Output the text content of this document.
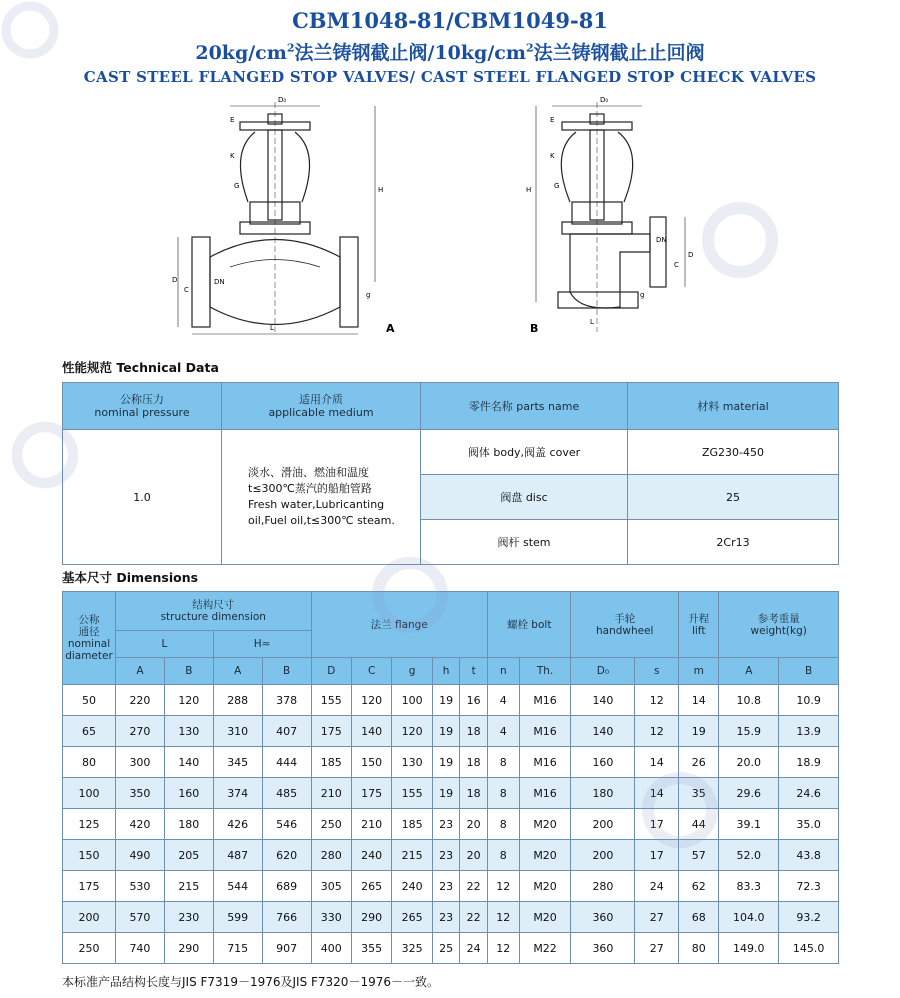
CBM1048-81/CBM1049-81
$20kg/cm^2$法兰铸钢截止阀$/10kg/cm^2$法兰铸钢截止止回阀
CAST STEEL FLANGED STOP VALVES/ CAST STEEL FLANGED STOP CHECK VALVES
A
D₀
H
L
E
K
G
D
C
DN
g
B
D₀
H
L
E
K
G
D
C
DN
g
性能规范 Technical Data
公称压力
nominal pressure	适用介质
applicable medium	零件名称 parts name	材料 material
1.0	淡水、滑油、燃油和温度
t≤300℃蒸汽的船舶管路
Fresh water,Lubricanting
oil,Fuel oil,t≤300℃ steam.	阀体 body,阀盖 cover	ZG230-450
		阀盘 disc	25
		阀杆 stem	2Cr13
基本尺寸 Dimensions
公称
通径
nominal
diameter	结构尺寸
structure dimension				法兰 flange					螺栓 bolt		手轮
handwheel		升程
lift	参考重量
weight(kg)	
	L		H≈													
	A	B	A	B	D	C	g	h	t	n	Th.	D₀	s	m	A	B
50	220	120	288	378	155	120	100	19	16	4	M16	140	12	14	10.8	10.9
65	270	130	310	407	175	140	120	19	18	4	M16	140	12	19	15.9	13.9
80	300	140	345	444	185	150	130	19	18	8	M16	160	14	26	20.0	18.9
100	350	160	374	485	210	175	155	19	18	8	M16	180	14	35	29.6	24.6
125	420	180	426	546	250	210	185	23	20	8	M20	200	17	44	39.1	35.0
150	490	205	487	620	280	240	215	23	20	8	M20	200	17	57	52.0	43.8
175	530	215	544	689	305	265	240	23	22	12	M20	280	24	62	83.3	72.3
200	570	230	599	766	330	290	265	23	22	12	M20	360	27	68	104.0	93.2
250	740	290	715	907	400	355	325	25	24	12	M22	360	27	80	149.0	145.0
本标准产品结构长度与JIS F7319－1976及JIS F7320－1976－一致。
